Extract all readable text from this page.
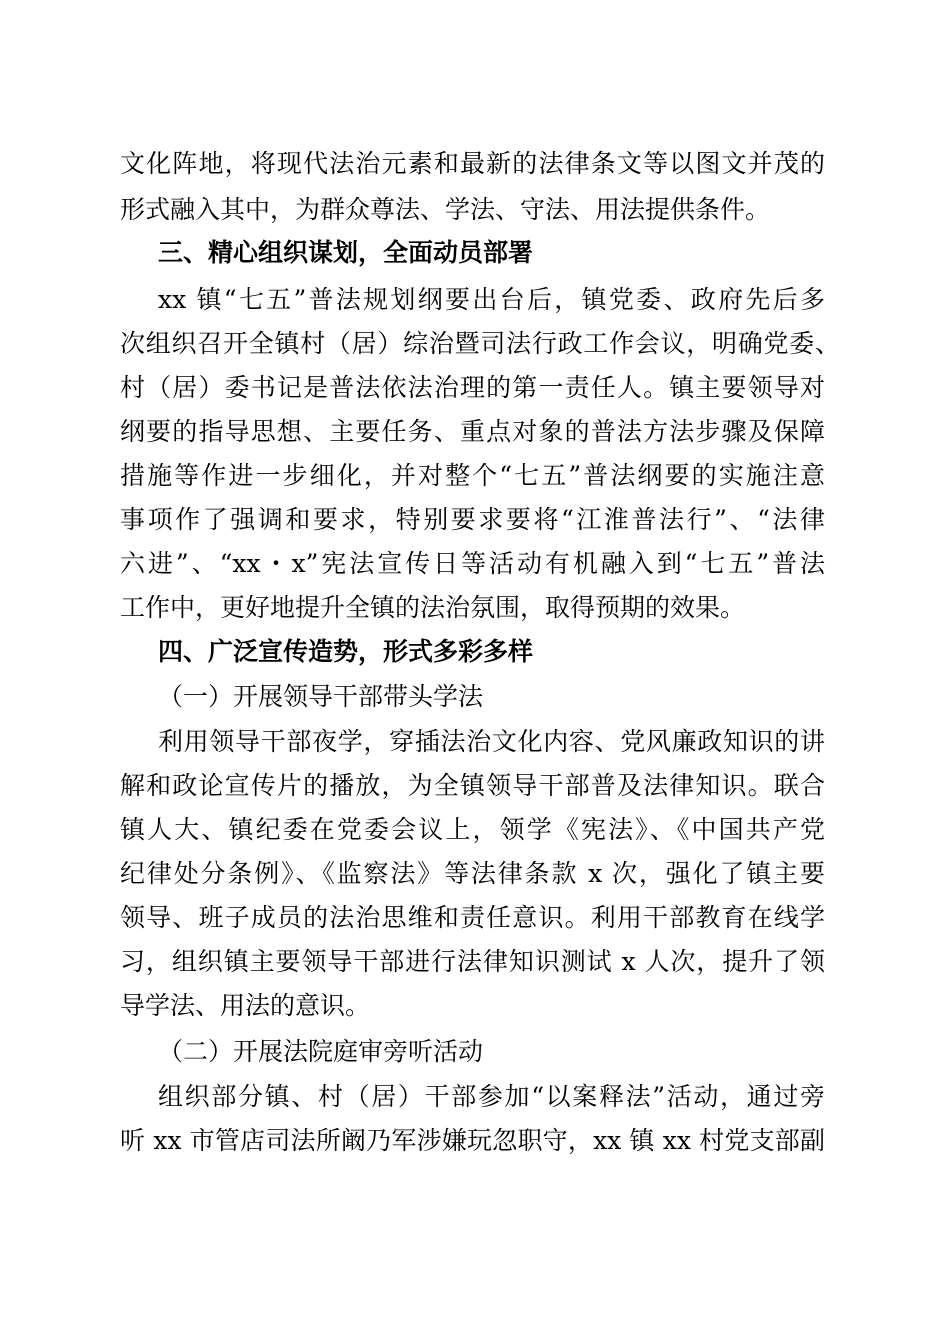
文化阵地，将现代法治元素和最新的法律条文等以图文并茂的
形式融入其中，为群众尊法、学法、守法、用法提供条件。
三、精心组织谋划，全面动员部署
xx 镇“七五”普法规划纲要出台后，镇党委、政府先后多
次组织召开全镇村（居）综治暨司法行政工作会议，明确党委、
村（居）委书记是普法依法治理的第一责任人。镇主要领导对
纲要的指导思想、主要任务、重点对象的普法方法步骤及保障
措施等作进一步细化，并对整个“七五”普法纲要的实施注意
事项作了强调和要求，特别要求要将“江淮普法行”、“法律
六进”、“xx・x”宪法宣传日等活动有机融入到“七五”普法
工作中，更好地提升全镇的法治氛围，取得预期的效果。
四、广泛宣传造势，形式多彩多样
（一）开展领导干部带头学法
利用领导干部夜学，穿插法治文化内容、党风廉政知识的讲
解和政论宣传片的播放，为全镇领导干部普及法律知识。联合
镇人大、镇纪委在党委会议上，领学《宪法》、《中国共产党
纪律处分条例》、《监察法》等法律条款 x 次，强化了镇主要
领导、班子成员的法治思维和责任意识。利用干部教育在线学
习，组织镇主要领导干部进行法律知识测试 x 人次，提升了领
导学法、用法的意识。
（二）开展法院庭审旁听活动
组织部分镇、村（居）干部参加“以案释法”活动，通过旁
听 xx 市管店司法所阚乃军涉嫌玩忽职守，xx 镇 xx 村党支部副
